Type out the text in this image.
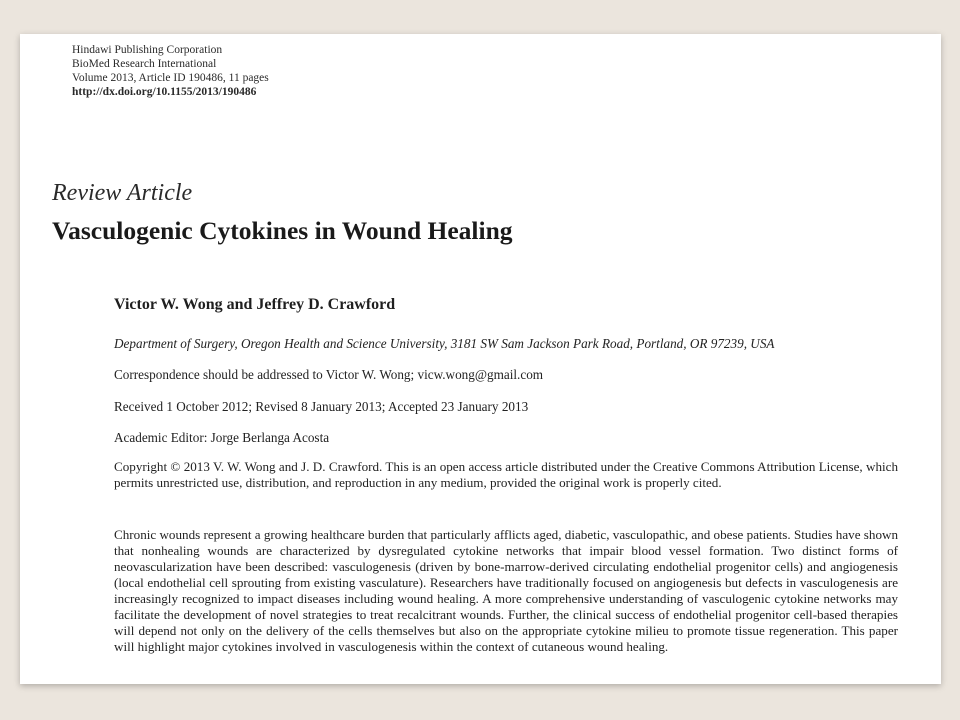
Hindawi Publishing Corporation
BioMed Research International
Volume 2013, Article ID 190486, 11 pages
http://dx.doi.org/10.1155/2013/190486
Review Article
Vasculogenic Cytokines in Wound Healing
Victor W. Wong and Jeffrey D. Crawford
Department of Surgery, Oregon Health and Science University, 3181 SW Sam Jackson Park Road, Portland, OR 97239, USA
Correspondence should be addressed to Victor W. Wong; vicw.wong@gmail.com
Received 1 October 2012; Revised 8 January 2013; Accepted 23 January 2013
Academic Editor: Jorge Berlanga Acosta
Copyright © 2013 V. W. Wong and J. D. Crawford. This is an open access article distributed under the Creative Commons Attribution License, which permits unrestricted use, distribution, and reproduction in any medium, provided the original work is properly cited.
Chronic wounds represent a growing healthcare burden that particularly afflicts aged, diabetic, vasculopathic, and obese patients. Studies have shown that nonhealing wounds are characterized by dysregulated cytokine networks that impair blood vessel formation. Two distinct forms of neovascularization have been described: vasculogenesis (driven by bone-marrow-derived circulating endothelial progenitor cells) and angiogenesis (local endothelial cell sprouting from existing vasculature). Researchers have traditionally focused on angiogenesis but defects in vasculogenesis are increasingly recognized to impact diseases including wound healing. A more comprehensive understanding of vasculogenic cytokine networks may facilitate the development of novel strategies to treat recalcitrant wounds. Further, the clinical success of endothelial progenitor cell-based therapies will depend not only on the delivery of the cells themselves but also on the appropriate cytokine milieu to promote tissue regeneration. This paper will highlight major cytokines involved in vasculogenesis within the context of cutaneous wound healing.
